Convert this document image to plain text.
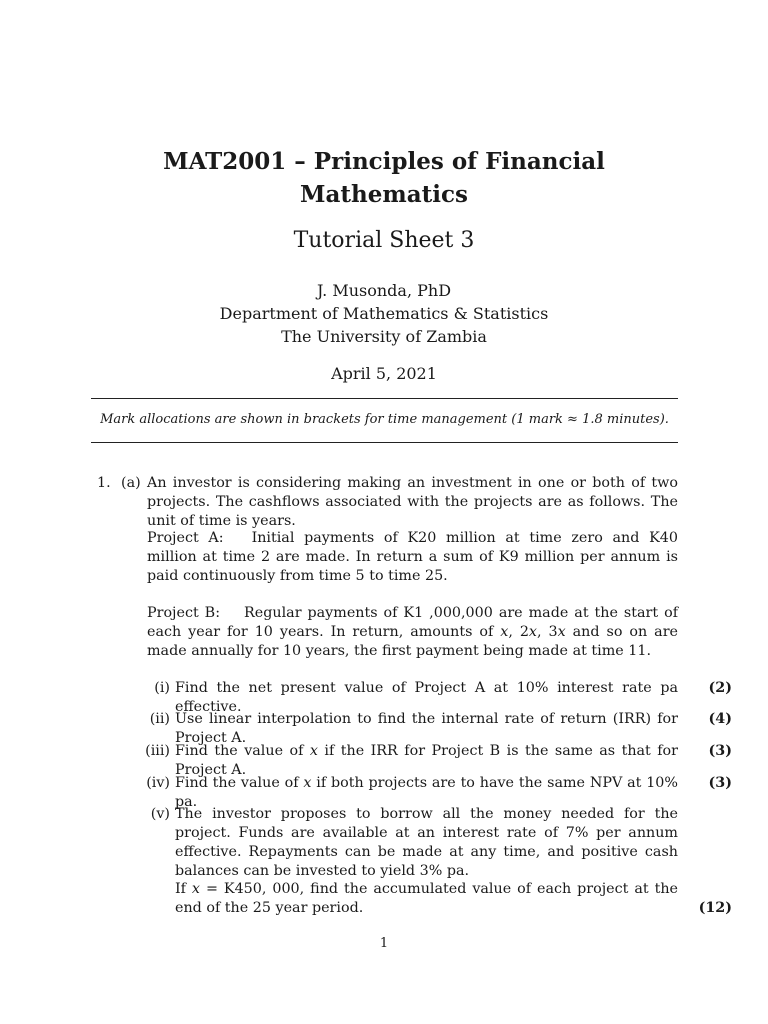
MAT2001 – Principles of Financial
Mathematics
Tutorial Sheet 3
J. Musonda, PhD
Department of Mathematics & Statistics
The University of Zambia
April 5, 2021
Mark allocations are shown in brackets for time management (1 mark ≈ 1.8 minutes).
1. (a) An investor is considering making an investment in one or both of two projects. The cashflows associated with the projects are as follows. The unit of time is years.
Project A: Initial payments of K20 million at time zero and K40 million at time 2 are made. In return a sum of K9 million per annum is paid continuously from time 5 to time 25.
Project B: Regular payments of K1 ,000,000 are made at the start of each year for 10 years. In return, amounts of x, 2x, 3x and so on are made annually for 10 years, the first payment being made at time 11.
(i) Find the net present value of Project A at 10% interest rate pa effective.
(2)
(ii) Use linear interpolation to find the internal rate of return (IRR) for Project A.
(4)
(iii) Find the value of x if the IRR for Project B is the same as that for Project A.
(3)
(iv) Find the value of x if both projects are to have the same NPV at 10% pa.
(3)
(v) The investor proposes to borrow all the money needed for the project. Funds are available at an interest rate of 7% per annum effective. Repayments can be made at any time, and positive cash balances can be invested to yield 3% pa.
If x = K450, 000, find the accumulated value of each project at the end of the 25 year period.	(12)
1
